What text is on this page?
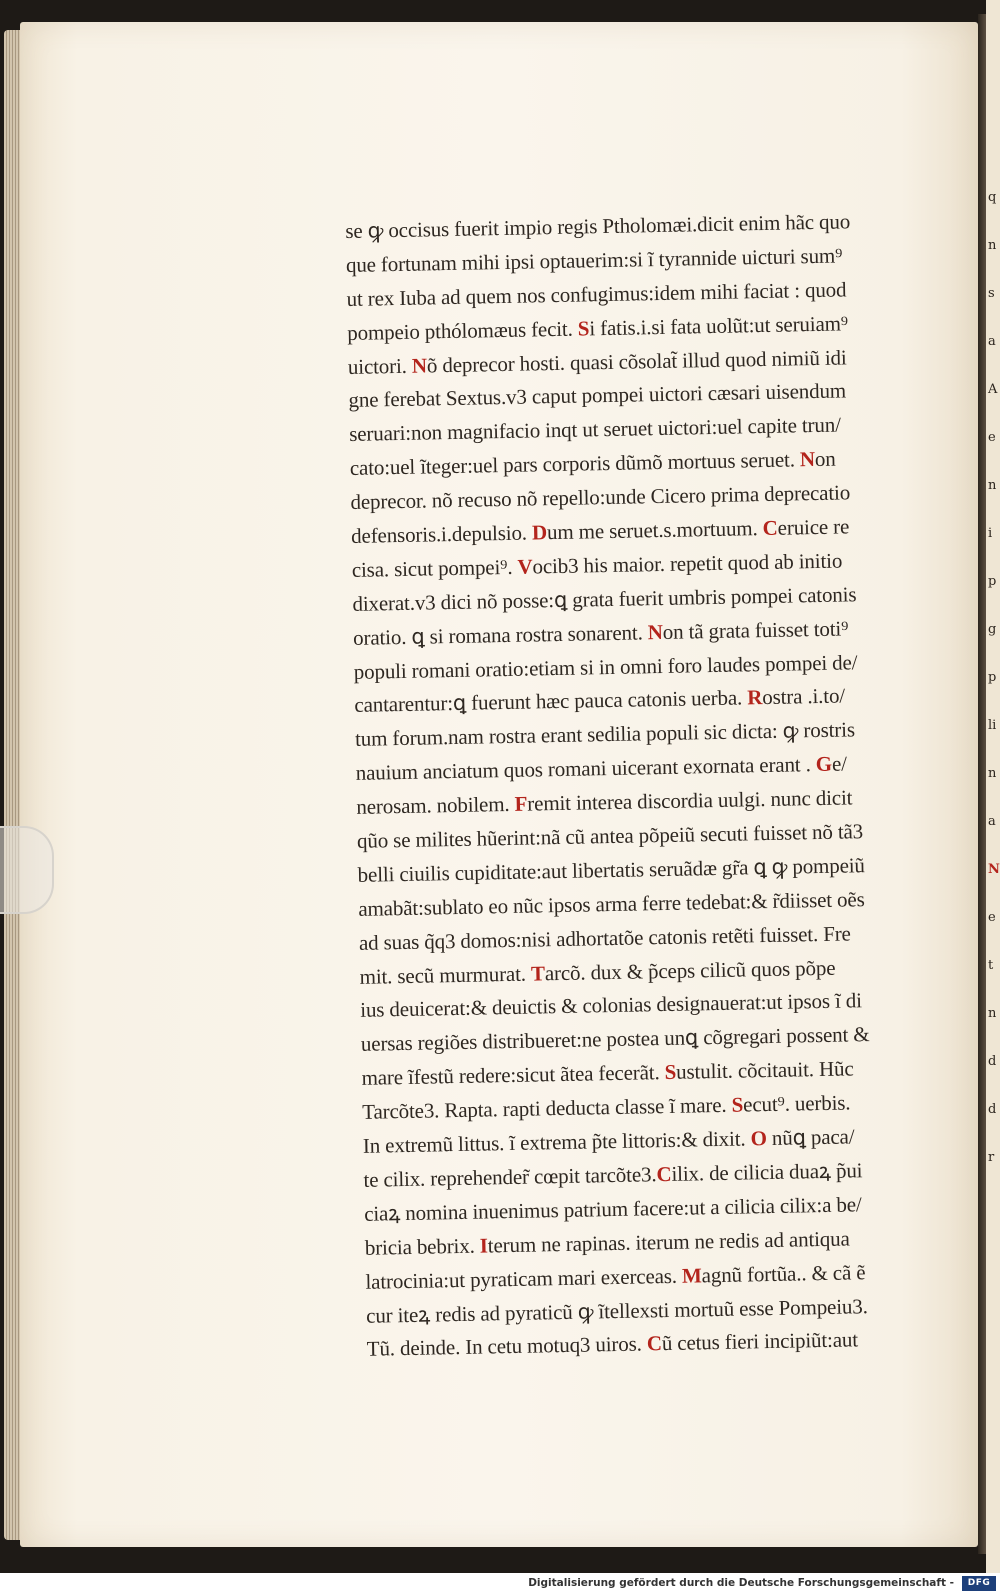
se ꝙ occisus fuerit impio regis Ptholomæi.dicit enim hãc quo
que fortunam mihi ipsi optauerim:si ĩ tyrannide uicturi sum⁹
ut rex Iuba ad quem nos confugimus:idem mihi faciat : quod
pompeio pthólomæus fecit. Si fatis.i.si fata uolũt:ut seruiam⁹
uictori. Nõ deprecor hosti. quasi cõsolat̃ illud quod nimiũ idi
gne ferebat Sextus.v3 caput pompei uictori cæsari uisendum
seruari:non magnifacio inqt ut seruet uictori:uel capite trun/
cato:uel ĩteger:uel pars corporis dũmõ mortuus seruet. Non
deprecor. nõ recuso nõ repello:unde Cicero prima deprecatio
defensoris.i.depulsio. Dum me seruet.s.mortuum. Ceruice re
cisa. sicut pompei⁹. Vocib3 his maior. repetit quod ab initio
dixerat.v3 dici nõ posse:ꝗ grata fuerit umbris pompei catonis
oratio. ꝗ si romana rostra sonarent. Non tã grata fuisset toti⁹
populi romani oratio:etiam si in omni foro laudes pompei de/
cantarentur:ꝗ fuerunt hæc pauca catonis uerba. Rostra .i.to/
tum forum.nam rostra erant sedilia populi sic dicta: ꝙ rostris
nauium anciatum quos romani uicerant exornata erant . Ge/
nerosam. nobilem. Fremit interea discordia uulgi. nunc dicit
qũo se milites hũerint:nã cũ antea põpeiũ secuti fuisset nõ tã3
belli ciuilis cupiditate:aut libertatis seruãdæ gr̃a ꝗ ꝙ pompeiũ
amabãt:sublato eo nũc ipsos arma ferre tedebat:& r̃diisset oẽs
ad suas q̃q3 domos:nisi adhortatõe catonis retẽti fuisset. Fre
mit. secũ murmurat. Tarcõ. dux & p̃ceps cilicũ quos põpe
ius deuicerat:& deuictis & colonias designauerat:ut ipsos ĩ di
uersas regiões distribueret:ne postea unꝗ cõgregari possent &
mare ĩfestũ redere:sicut ãtea fecerãt. Sustulit. cõcitauit. Hũc
Tarcõte3. Rapta. rapti deducta classe ĩ mare. Secut⁹. uerbis.
In extremũ littus. ĩ extrema p̃te littoris:& dixit. O nũꝗ paca/
te cilix. reprehender̃ cœpit tarcõte3.Cilix. de cilicia duaꝝ p̃ui
ciaꝝ nomina inuenimus patrium facere:ut a cilicia cilix:a be/
bricia bebrix. Iterum ne rapinas. iterum ne redis ad antiqua
latrocinia:ut pyraticam mari exerceas. Magnũ fortũa.. & cã ẽ
cur iteꝝ redis ad pyraticũ ꝙ ĩtellexsti mortuũ esse Pompeiu3.
Tũ. deinde. In cetu motuq3 uiros. Cũ cetus fieri incipiũt:aut
q
n
s
a
A
e
n
i
p
g
p
li
n
a
N
e
t
n
d
d
r
Digitalisierung gefördert durch die Deutsche Forschungsgemeinschaft -	DFG
